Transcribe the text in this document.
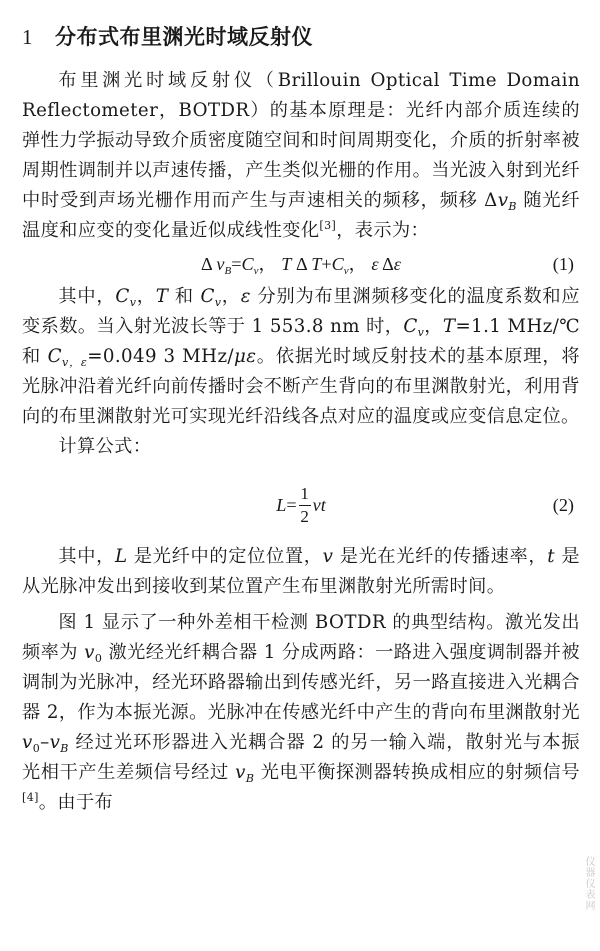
1 分布式布里渊光时域反射仪

布里渊光时域反射仪（Brillouin Optical Time Domain Reflectometer，BOTDR）的基本原理是：光纤内部介质连续的弹性力学振动导致介质密度随空间和时间周期变化，介质的折射率被周期性调制并以声速传播，产生类似光栅的作用。当光波入射到光纤中时受到声场光栅作用而产生与声速相关的频移，频移 $\Delta v_B$ 随光纤温度和应变的变化量近似成线性变化[3]，表示为：

Δ  $v_B=C_v$， T Δ $T+C_v$， ε Δε	(1)

其中，$C_v$，T 和 $C_v$，ε 分别为布里渊频移变化的温度系数和应变系数。当入射光波长等于 1 553.8 nm 时，$C_v$，T=1.1 MHz/℃ 和 $C_{v,\varepsilon}=0.049$ 3 MHz/με。依据光时域反射技术的基本原理，将光脉冲沿着光纤向前传播时会不断产生背向的布里渊散射光，利用背向的布里渊散射光可实现光纤沿线各点对应的温度或应变信息定位。

计算公式：

$L = \frac{1}{2}$ vt	(2)

其中，L 是光纤中的定位位置，v 是光在光纤的传播速率，t 是从光脉冲发出到接收到某位置产生布里渊散射光所需时间。

图 1 显示了一种外差相干检测 BOTDR 的典型结构。激光发出频率为 $v_0$ 激光经光纤耦合器 1 分成两路：一路进入强度调制器并被调制为光脉冲，经光环路器输出到传感光纤，另一路直接进入光耦合器 2，作为本振光源。光脉冲在传感光纤中产生的背向布里渊散射光 $v_0-v_B$ 经过光环形器进入光耦合器 2 的另一输入端，散射光与本振光相干产生差频信号经过 $v_B$ 光电平衡探测器转换成相应的射频信号[4]。由于布

仪器仪表网
